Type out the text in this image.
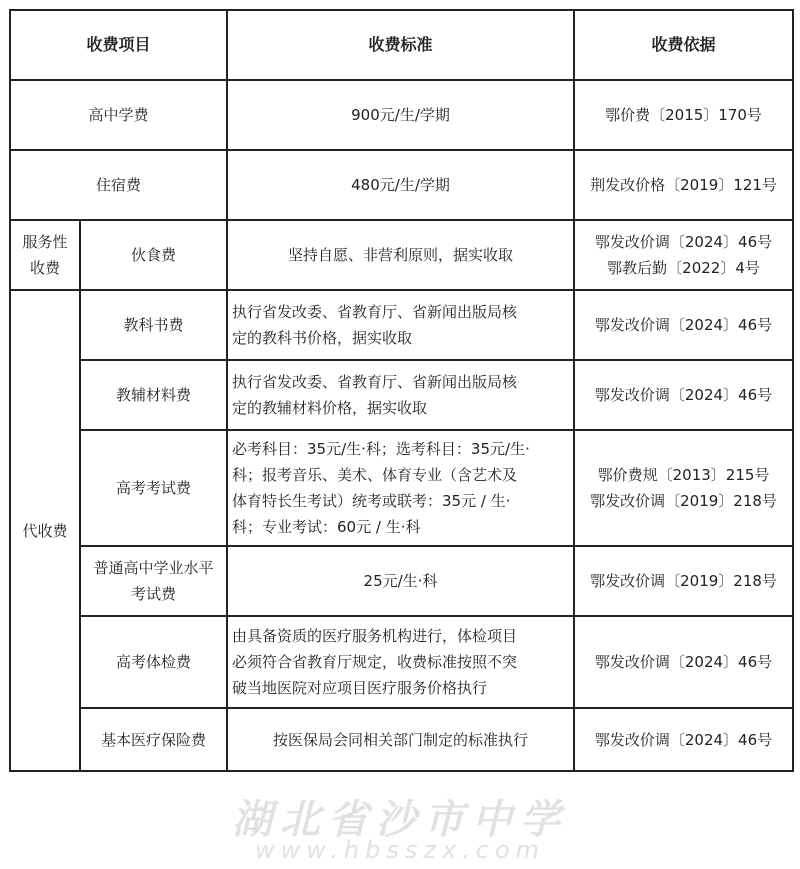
收费项目		收费标准	收费依据
高中学费		900元/生/学期	鄂价费〔2015〕170号
住宿费		480元/生/学期	荆发改价格〔2019〕121号

服务性
收费	伙食费	坚持自愿、非营利原则，据实收取	鄂发改价调〔2024〕46号
鄂教后勤〔2022〕4号

代收费	教科书费	执行省发改委、省教育厅、省新闻出版局核
定的教科书价格，据实收取	鄂发改价调〔2024〕46号
	教辅材料费	执行省发改委、省教育厅、省新闻出版局核
定的教辅材料价格，据实收取	鄂发改价调〔2024〕46号
	高考考试费	必考科目：35元/生·科；选考科目：35元/生·
科；报考音乐、美术、体育专业（含艺术及
体育特长生考试）统考或联考：35元 / 生·
科；专业考试：60元 / 生·科	鄂价费规〔2013〕215号
鄂发改价调〔2019〕218号

	普通高中学业水平
考试费	25元/生·科	鄂发改价调〔2019〕218号
	高考体检费	由具备资质的医疗服务机构进行，体检项目
必须符合省教育厅规定，收费标准按照不突
破当地医院对应项目医疗服务价格执行	鄂发改价调〔2024〕46号
	基本医疗保险费	按医保局会同相关部门制定的标准执行	鄂发改价调〔2024〕46号
湖北省沙市中学
www.hbsszx.com
